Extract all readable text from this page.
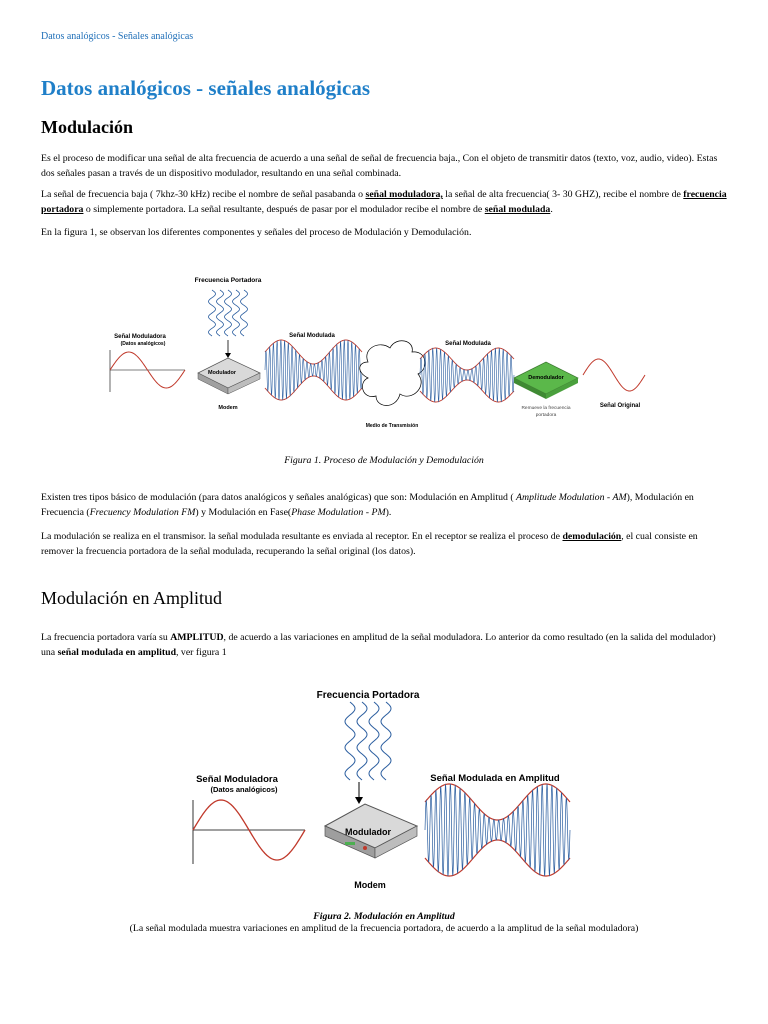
Datos analógicos - Señales analógicas
Datos analógicos - señales analógicas
Modulación
Es el proceso de modificar una señal de alta frecuencia de acuerdo a una señal de señal de frecuencia baja., Con el objeto de transmitir datos (texto, voz, audio, video). Estas dos señales pasan a través de un dispositivo modulador, resultando en una señal combinada.
La señal de frecuencia baja ( 7khz-30 kHz) recibe el nombre de señal pasabanda o señal moduladora, la señal de alta frecuencia( 3- 30 GHZ), recibe el nombre de frecuencia portadora o simplemente portadora. La señal resultante, después de pasar por el modulador recibe el nombre de señal modulada.
En la figura 1, se observan los diferentes componentes y señales del proceso de Modulación y Demodulación.
Frecuencia Portadora
Señal Moduladora
(Datos analógicos)
Modulador
Modem
Señal Modulada
Medio de Transmisión
Señal Modulada
Demodulador
Remueve la frecuencia
portadora
Señal Original
Figura 1. Proceso de Modulación y Demodulación
Existen tres tipos básico de modulación (para datos analógicos y señales analógicas) que son: Modulación en Amplitud ( Amplitude Modulation - AM), Modulación en Frecuencia (Frecuency Modulation FM) y Modulación en Fase(Phase Modulation - PM).
La modulación se realiza en el transmisor. la señal modulada resultante es enviada al receptor. En el receptor se realiza el proceso de demodulación, el cual consiste en remover la frecuencia portadora de la señal modulada, recuperando la señal original (los datos).
Modulación en Amplitud
La frecuencia portadora varía su AMPLITUD, de acuerdo a las variaciones en amplitud de la señal moduladora. Lo anterior da como resultado (en la salida del modulador) una señal modulada en amplitud, ver figura 1
Frecuencia Portadora
Señal Moduladora
(Datos analógicos)
Modulador
Modem
Señal Modulada en Amplitud
Figura 2. Modulación en Amplitud
(La señal modulada muestra variaciones en amplitud de la frecuencia portadora, de acuerdo a la amplitud de la señal moduladora)
